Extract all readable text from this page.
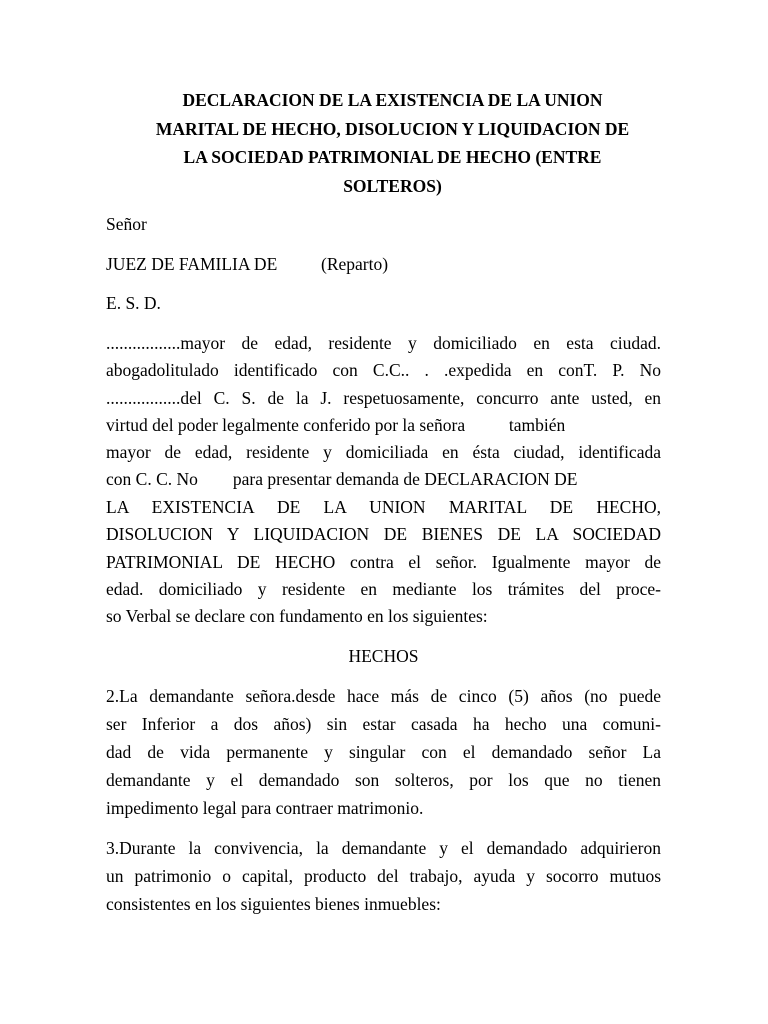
DECLARACION DE LA EXISTENCIA DE LA UNION
MARITAL DE HECHO, DISOLUCION Y LIQUIDACION DE
LA SOCIEDAD PATRIMONIAL DE HECHO (ENTRE
SOLTEROS)
Señor
JUEZ DE FAMILIA DE          (Reparto)
E. S. D.
.................mayor de edad, residente y domiciliado en esta ciudad.
abogadolitulado identificado con C.C.. . .expedida en conT. P. No
.................del C. S. de la J. respetuosamente, concurro ante usted, en
virtud del poder legalmente conferido por la señora          también
mayor de edad, residente y domiciliada en ésta ciudad, identificada
con C. C. No        para presentar demanda de DECLARACION DE
LA EXISTENCIA DE LA UNION MARITAL DE HECHO,
DISOLUCION Y LIQUIDACION DE BIENES DE LA SOCIEDAD
PATRIMONIAL DE HECHO contra el señor. Igualmente mayor de
edad. domiciliado y residente en mediante los trámites del proce-
so Verbal se declare con fundamento en los siguientes:
HECHOS
2.La demandante señora.desde hace más de cinco (5) años (no puede
ser Inferior a dos años) sin estar casada ha hecho una comuni-
dad de vida permanente y singular con el demandado señor La
demandante y el demandado son solteros, por los que no tienen
impedimento legal para contraer matrimonio.
3.Durante la convivencia, la demandante y el demandado adquirieron
un patrimonio o capital, producto del trabajo, ayuda y socorro mutuos
consistentes en los siguientes bienes inmuebles:
